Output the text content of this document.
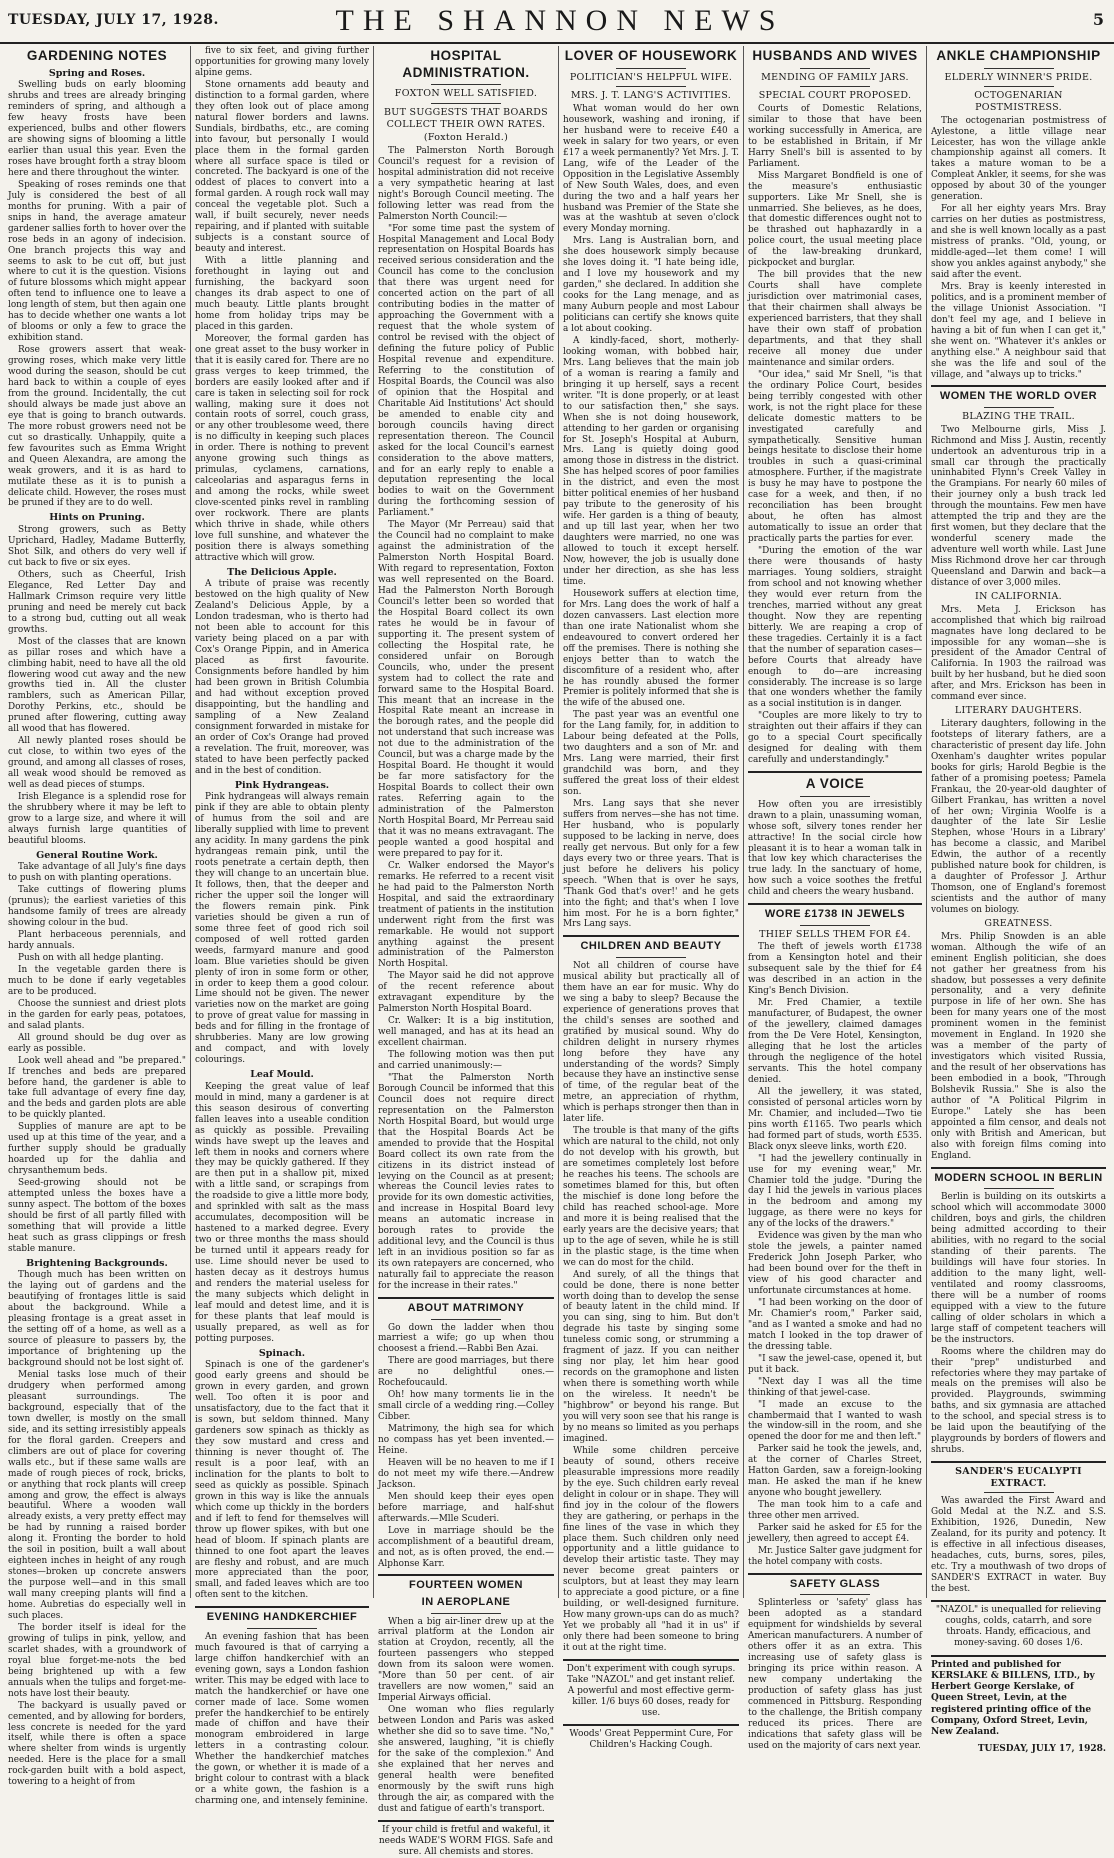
TUESDAY, JULY 17, 1928.	THE SHANNON NEWS	5
GARDENING NOTES
Spring and Roses.

Swelling buds on early blooming shrubs and trees are already bringing reminders of spring, and although a few heavy frosts have been experienced, bulbs and other flowers are showing signs of blooming a little earlier than usual this year. Even the roses have brought forth a stray bloom here and there throughout the winter.

Speaking of roses reminds one that July is considered the best of all months for pruning. With a pair of snips in hand, the average amateur gardener sallies forth to hover over the rose beds in an agony of indecision. One branch projects this way and seems to ask to be cut off, but just where to cut it is the question. Visions of future blossoms which might appear often tend to influence one to leave a long length of stem, but then again one has to decide whether one wants a lot of blooms or only a few to grace the exhibition stand.

Rose growers assert that weak-growing roses, which make very little wood during the season, should be cut hard back to within a couple of eyes from the ground. Incidentally, the cut should always be made just above an eye that is going to branch outwards. The more robust growers need not be cut so drastically. Unhappily, quite a few favourites such as Emma Wright and Queen Alexandra, are among the weak growers, and it is as hard to mutilate these as it is to punish a delicate child. However, the roses must be pruned if they are to do well.

Hints on Pruning.

Strong growers, such as Betty Uprichard, Hadley, Madame Butterfly, Shot Silk, and others do very well if cut back to five or six eyes.

Others, such as Cheerful, Irish Elegance, Red Letter Day and Hallmark Crimson require very little pruning and need be merely cut back to a strong bud, cutting out all weak growths.

Most of the classes that are known as pillar roses and which have a climbing habit, need to have all the old flowering wood cut away and the new growths tied in. All the cluster ramblers, such as American Pillar, Dorothy Perkins, etc., should be pruned after flowering, cutting away all wood that has flowered.

All newly planted roses should be cut close, to within two eyes of the ground, and among all classes of roses, all weak wood should be removed as well as dead pieces of stumps.

Irish Elegance is a splendid rose for the shrubbery where it may be left to grow to a large size, and where it will always furnish large quantities of beautiful blooms.

General Routine Work.

Take advantage of all July's fine days to push on with planting operations.

Take cuttings of flowering plums (prunus); the earliest varieties of this handsome family of trees are already showing colour in the bud.

Plant herbaceous perennials, and hardy annuals.

Push on with all hedge planting.

In the vegetable garden there is much to be done if early vegetables are to be produced.

Choose the sunniest and driest plots in the garden for early peas, potatoes, and salad plants.

All ground should be dug over as early as possible.

Look well ahead and "be prepared." If trenches and beds are prepared before hand, the gardener is able to take full advantage of every fine day, and the beds and garden plots are able to be quickly planted.

Supplies of manure are apt to be used up at this time of the year, and a further supply should be gradually hoarded up for the dahlia and chrysanthemum beds.

Seed-growing should not be attempted unless the boxes have a sunny aspect. The bottom of the boxes should be first of all partly filled with something that will provide a little heat such as grass clippings or fresh stable manure.

Brightening Backgrounds.

Though much has been written on the laying out of gardens and the beautifying of frontages little is said about the background. While a pleasing frontage is a great asset in the setting off of a home, as well as a source of pleasure to passers by, the importance of brightening up the background should not be lost sight of.

Menial tasks lose much of their drudgery when performed among pleasant surroundings. The background, especially that of the town dweller, is mostly on the small side, and its setting irresistibly appeals for the floral garden. Creepers and climbers are out of place for covering walls etc., but if these same walls are made of rough pieces of rock, bricks, or anything that rock plants will creep among and grow, the effect is always beautiful. Where a wooden wall already exists, a very pretty effect may be had by running a raised border along it. Fronting the border to hold the soil in position, built a wall about eighteen inches in height of any rough stones—broken up concrete answers the purpose well—and in this small wall many creeping plants will find a home. Aubretias do especially well in such places.

The border itself is ideal for the growing of tulips in pink, yellow, and scarlet shades, with a groundwork of royal blue forget-me-nots the bed being brightened up with a few annuals when the tulips and forget-me-nots have lost their beauty.

The backyard is usually paved or cemented, and by allowing for borders, less concrete is needed for the yard itself, while there is often a space where shelter from winds is urgently needed. Here is the place for a small rock-garden built with a bold aspect, towering to a height of from

five to six feet, and giving further opportunities for growing many lovely alpine gems.

Stone ornaments add beauty and distinction to a formal garden, where they often look out of place among natural flower borders and lawns. Sundials, birdbaths, etc., are coming into favour, but personally I would place them in the formal garden where all surface space is tiled or concreted. The backyard is one of the oddest of places to convert into a formal garden. A rough rock wall may conceal the vegetable plot. Such a wall, if built securely, never needs repairing, and if planted with suitable subjects is a constant source of beauty and interest.

With a little planning and forethought in laying out and furnishing, the backyard soon changes its drab aspect to one of much beauty. Little plants brought home from holiday trips may be placed in this garden.

Moreover, the formal garden has one great asset to the busy worker in that it is easily cared for. There are no grass verges to keep trimmed, the borders are easily looked after and if care is taken in selecting soil for rock walling, making sure it does not contain roots of sorrel, couch grass, or any other troublesome weed, there is no difficulty in keeping such places in order. There is nothing to prevent anyone growing such things as primulas, cyclamens, carnations, calceolarias and asparagus ferns in and among the rocks, while sweet clove-scented pinks revel in rambling over rockwork. There are plants which thrive in shade, while others love full sunshine, and whatever the position there is always something attractive which will grow.

The Delicious Apple.

A tribute of praise was recently bestowed on the high quality of New Zealand's Delicious Apple, by a London tradesman, who is therto had not been able to account for this variety being placed on a par with Cox's Orange Pippin, and in America placed as first favourite. Consignments before handled by him had been grown in British Columbia and had without exception proved disappointing, but the handling and sampling of a New Zealand consignment forwarded in mistake for an order of Cox's Orange had proved a revelation. The fruit, moreover, was stated to have been perfectly packed and in the best of condition.

Pink Hydrangeas.

Pink hydrangeas will always remain pink if they are able to obtain plenty of humus from the soil and are liberally supplied with lime to prevent any acidity. In many gardens the pink hydrangeas remain pink, until the roots penetrate a certain depth, then they will change to an uncertain blue. It follows, then, that the deeper and richer the upper soil the longer will the flowers remain pink. Pink varieties should be given a run of some three feet of good rich soil composed of well rotted garden weeds, farmyard manure and good loam. Blue varieties should be given plenty of iron in some form or other, in order to keep them a good colour. Lime should not be given. The newer varieties now on the market are going to prove of great value for massing in beds and for filling in the frontage of shrubberies. Many are low growing and compact, and with lovely colourings.

Leaf Mould.

Keeping the great value of leaf mould in mind, many a gardener is at this season desirous of converting fallen leaves into a useable condition as quickly as possible. Prevailing winds have swept up the leaves and left them in nooks and corners where they may be quickly gathered. If they are then put in a shallow pit, mixed with a little sand, or scrapings from the roadside to give a little more body, and sprinkled with salt as the mass accumulates, decomposition will be hastened to a marked degree. Every two or three months the mass should be turned until it appears ready for use. Lime should never be used to hasten decay as it destroys humus and renders the material useless for the many subjects which delight in leaf mould and detest lime, and it is for these plants that leaf mould is usually prepared, as well as for potting purposes.

Spinach.

Spinach is one of the gardener's good early greens and should be grown in every garden, and grown well. Too often it is poor and unsatisfactory, due to the fact that it is sown, but seldom thinned. Many gardeners sow spinach as thickly as they sow mustard and cress and thinning is never thought of. The result is a poor leaf, with an inclination for the plants to bolt to seed as quickly as possible. Spinach grown in this way is like the annuals which come up thickly in the borders and if left to fend for themselves will throw up flower spikes, with but one head of bloom. If spinach plants are thinned to one foot apart the leaves are fleshy and robust, and are much more appreciated than the poor, small, and faded leaves which are too often sent to the kitchen.

EVENING HANDKERCHIEF

An evening fashion that has been much favoured is that of carrying a large chiffon handkerchief with an evening gown, says a London fashion writer. This may be edged with lace to match the handkerchief or have one corner made of lace. Some women prefer the handkerchief to be entirely made of chiffon and have their monogram embroidered in large letters in a contrasting colour. Whether the handkerchief matches the gown, or whether it is made of a bright colour to contrast with a black or a white gown, the fashion is a charming one, and intensely feminine.

HOSPITAL ADMINISTRATION.
FOXTON WELL SATISFIED.
BUT SUGGESTS THAT BOARDS COLLECT THEIR OWN RATES.
(Foxton Herald.)

The Palmerston North Borough Council's request for a revision of hospital administration did not receive a very sympathetic hearing at last night's Borough Council meeting. The following letter was read from the Palmerston North Council:—

"For some time past the system of Hospital Management and Local Body representation on Hospital Boards has received serious consideration and the Council has come to the conclusion that there was urgent need for concerted action on the part of all contributing bodies in the matter of approaching the Government with a request that the whole system of control be revised with the object of defining the future policy of Public Hospital revenue and expenditure. Referring to the constitution of Hospital Boards, the Council was also of opinion that the Hospital and Charitable Aid Institutions' Act should be amended to enable city and borough councils having direct representation thereon. The Council asked for the local Council's earnest consideration to the above matters, and for an early reply to enable a deputation representing the local bodies to wait on the Government during the forthcoming session of Parliament."

The Mayor (Mr Perreau) said that the Council had no complaint to make against the administration of the Palmerston North Hospital Board. With regard to representation, Foxton was well represented on the Board. Had the Palmerston North Borough Council's letter been so worded that the Hospital Board collect its own rates he would be in favour of supporting it. The present system of collecting the Hospital rate, he considered unfair on Borough Councils, who, under the present system had to collect the rate and forward same to the Hospital Board. This meant that an increase in the Hospital Rate meant an increase in the borough rates, and the people did not understand that such increase was not due to the administration of the Council, but was a charge made by the Hospital Board. He thought it would be far more satisfactory for the Hospital Boards to collect their own rates. Referring again to the administration of the Palmerston North Hospital Board, Mr Perreau said that it was no means extravagant. The people wanted a good hospital and were prepared to pay for it.

Cr. Walker endorsed the Mayor's remarks. He referred to a recent visit he had paid to the Palmerston North Hospital, and said the extraordinary treatment of patients in the institution underwent right from the first was remarkable. He would not support anything against the present administration of the Palmerston North Hospital.

The Mayor said he did not approve of the recent reference about extravagant expenditure by the Palmerston North Hospital Board.

Cr. Walker: It is a big institution, well managed, and has at its head an excellent chairman.

The following motion was then put and carried unanimously:—

"That the Palmerston North Borough Council be informed that this Council does not require direct representation on the Palmerston North Hospital Board, but would urge that the Hospital Boards Act be amended to provide that the Hospital Board collect its own rate from the citizens in its district instead of levying on the Council as at present; whereas the Council levies rates to provide for its own domestic activities, and increase in Hospital Board levy means an automatic increase in borough rates to provide the additional levy, and the Council is thus left in an invidious position so far as its own ratepayers are concerned, who naturally fail to appreciate the reason for the increase in their rates."

ABOUT MATRIMONY

Go down the ladder when thou marriest a wife; go up when thou choosest a friend.—Rabbi Ben Azai.

There are good marriages, but there are no delightful ones.—Rochefoucauld.

Oh! how many torments lie in the small circle of a wedding ring.—Colley Cibber.

Matrimony, the high sea for which no compass has yet been invented.—Heine.

Heaven will be no heaven to me if I do not meet my wife there.—Andrew Jackson.

Men should keep their eyes open before marriage, and half-shut afterwards.—Mlle Scuderi.

Love in marriage should be the accomplishment of a beautiful dream, and not, as is often proved, the end.—Alphonse Karr.

FOURTEEN WOMEN
IN AEROPLANE

When a big air-liner drew up at the arrival platform at the London air station at Croydon, recently, all the fourteen passengers who stepped down from its saloon were women. "More than 50 per cent. of air travellers are now women," said an Imperial Airways official.

One woman who flies regularly between London and Paris was asked whether she did so to save time. "No," she answered, laughing, "it is chiefly for the sake of the complexion." And she explained that her nerves and general health were benefited enormously by the swift runs high through the air, as compared with the dust and fatigue of earth's transport.

If your child is fretful and wakeful, it needs WADE'S WORM FIGS. Safe and sure. All chemists and stores.

LOVER OF HOUSEWORK
POLITICIAN'S HELPFUL WIFE.
MRS. J. T. LANG'S ACTIVITIES.

What woman would do her own housework, washing and ironing, if her husband were to receive £40 a week in salary for two years, or even £17 a week permanently? Yet Mrs. J. T. Lang, wife of the Leader of the Opposition in the Legislative Assembly of New South Wales, does, and even during the two and a half years her husband was Premier of the State she was at the washtub at seven o'clock every Monday morning.

Mrs. Lang is Australian born, and she does housework simply because she loves doing it. "I hate being idle, and I love my housework and my garden," she declared. In addition she cooks for the Lang menage, and as many Auburn people and most Labour politicians can certify she knows quite a lot about cooking.

A kindly-faced, short, motherly-looking woman, with bobbed hair, Mrs. Lang believes that the main job of a woman is rearing a family and bringing it up herself, says a recent writer. "It is done properly, or at least to our satisfaction then," she says. When she is not doing housework, attending to her garden or organising for St. Joseph's Hospital at Auburn, Mrs. Lang is quietly doing good among those in distress in the district. She has helped scores of poor families in the district, and even the most bitter political enemies of her husband pay tribute to the generosity of his wife. Her garden is a thing of beauty, and up till last year, when her two daughters were married, no one was allowed to touch it except herself. Now, however, the job is usually done under her direction, as she has less time.

Housework suffers at election time, for Mrs. Lang does the work of half a dozen canvassers. Last election more than one irate Nationalist whom she endeavoured to convert ordered her off the premises. There is nothing she enjoys better than to watch the discomfiture of a resident who, after he has roundly abused the former Premier is politely informed that she is the wife of the abused one.

The past year was an eventful one for the Lang family, for, in addition to Labour being defeated at the Polls, two daughters and a son of Mr. and Mrs. Lang were married, their first grandchild was born, and they suffered the great loss of their eldest son.

Mrs. Lang says that she never suffers from nerves—she has not time. Her husband, who is popularly supposed to be lacking in nerve, does really get nervous. But only for a few days every two or three years. That is just before he delivers his policy speech. "When that is over he says, 'Thank God that's over!' and he gets into the fight; and that's when I love him most. For he is a born fighter," Mrs Lang says.

CHILDREN AND BEAUTY

Not all children of course have musical ability but practically all of them have an ear for music. Why do we sing a baby to sleep? Because the experience of generations proves that the child's senses are soothed and gratified by musical sound. Why do children delight in nursery rhymes long before they have any understanding of the words? Simply because they have an instinctive sense of time, of the regular beat of the metre, an appreciation of rhythm, which is perhaps stronger then than in later life.

The trouble is that many of the gifts which are natural to the child, not only do not develop with his growth, but are sometimes completely lost before he reaches his teens. The schools are sometimes blamed for this, but often the mischief is done long before the child has reached school-age. More and more it is being realised that the early years are the decisive years; that up to the age of seven, while he is still in the plastic stage, is the time when we can do most for the child.

And surely, of all the things that could be done, there is none better worth doing than to develop the sense of beauty latent in the child mind. If you can sing, sing to him. But don't degrade his taste by singing some tuneless comic song, or strumming a fragment of jazz. If you can neither sing nor play, let him hear good records on the gramophone and listen when there is something worth while on the wireless. It needn't be "highbrow" or beyond his range. But you will very soon see that his range is by no means so limited as you perhaps imagined.

While some children perceive beauty of sound, others receive pleasurable impressions more readily by the eye. Such children early reveal delight in colour or in shape. They will find joy in the colour of the flowers they are gathering, or perhaps in the fine lines of the vase in which they place them. Such children only need opportunity and a little guidance to develop their artistic taste. They may never become great painters or sculptors, but at least they may learn to appreciate a good picture, or a fine building, or well-designed furniture. How many grown-ups can do as much? Yet we probably all "had it in us" if only there had been someone to bring it out at the right time.

Don't experiment with cough syrups. Take "NAZOL" and get instant relief. A powerful and most effective germ-killer. 1/6 buys 60 doses, ready for use.

Woods' Great Peppermint Cure, For Children's Hacking Cough.

HUSBANDS AND WIVES
MENDING OF FAMILY JARS.
SPECIAL COURT PROPOSED.

Courts of Domestic Relations, similar to those that have been working successfully in America, are to be established in Britain, if Mr Harry Snell's bill is assented to by Parliament.

Miss Margaret Bondfield is one of the measure's enthusiastic supporters. Like Mr Snell, she is unmarried. She believes, as he does, that domestic differences ought not to be thrashed out haphazardly in a police court, the usual meeting place of the law-breaking drunkard, pickpocket and burglar.

The bill provides that the new Courts shall have complete jurisdiction over matrimonial cases, that their chairmen shall always be experienced barristers, that they shall have their own staff of probation departments, and that they shall receive all money due under maintenance and similar orders.

"Our idea," said Mr Snell, "is that the ordinary Police Court, besides being terribly congested with other work, is not the right place for these delicate domestic matters to be investigated carefully and sympathetically. Sensitive human beings hesitate to disclose their home troubles in such a quasi-criminal atmosphere. Further, if the magistrate is busy he may have to postpone the case for a week, and then, if no reconciliation has been brought about, he often has almost automatically to issue an order that practically parts the parties for ever.

"During the emotion of the war there were thousands of hasty marriages. Young soldiers, straight from school and not knowing whether they would ever return from the trenches, married without any great thought. Now they are repenting bitterly. We are reaping a crop of these tragedies. Certainly it is a fact that the number of separation cases—before Courts that already have enough to do—are increasing considerably. The increase is so large that one wonders whether the family as a social institution is in danger.

"Couples are more likely to try to straighten out their affairs if they can go to a special Court specifically designed for dealing with them carefully and understandingly."

A VOICE

How often you are irresistibly drawn to a plain, unassuming woman, whose soft, silvery tones render her attractive! In the social circle how pleasant it is to hear a woman talk in that low key which characterises the true lady. In the sanctuary of home, how such a voice soothes the fretful child and cheers the weary husband.

WORE £1738 IN JEWELS
THIEF SELLS THEM FOR £4.

The theft of jewels worth £1738 from a Kensington hotel and their subsequent sale by the thief for £4 was described in an action in the King's Bench Division.

Mr. Fred Chamier, a textile manufacturer, of Budapest, the owner of the jewellery, claimed damages from the De Vere Hotel, Kensington, alleging that he lost the articles through the negligence of the hotel servants. This the hotel company denied.

All the jewellery, it was stated, consisted of personal articles worn by Mr. Chamier, and included—Two tie pins worth £1165. Two pearls which had formed part of studs, worth £535. Black onyx sleeve links, worth £20.

"I had the jewellery continually in use for my evening wear," Mr. Chamier told the judge. "During the day I hid the jewels in various places in the bedroom and among my luggage, as there were no keys for any of the locks of the drawers."

Evidence was given by the man who stole the jewels, a painter named Frederick John Joseph Parker, who had been bound over for the theft in view of his good character and unfortunate circumstances at home.

"I had been working on the door of Mr. Chamier's room," Parker said, "and as I wanted a smoke and had no match I looked in the top drawer of the dressing table.

"I saw the jewel-case, opened it, but put it back.

"Next day I was all the time thinking of that jewel-case.

"I made an excuse to the chambermaid that I wanted to wash the window-sill in the room, and she opened the door for me and then left."

Parker said he took the jewels, and, at the corner of Charles Street, Hatton Garden, saw a foreign-looking man. He asked the man if he knew anyone who bought jewellery.

The man took him to a cafe and three other men arrived.

Parker said he asked for £5 for the jewellery, then agreed to accept £4.

Mr. Justice Salter gave judgment for the hotel company with costs.

SAFETY GLASS

Splinterless or 'safety' glass has been adopted as a standard equipment for windshields by several American manufacturers. A number of others offer it as an extra. This increasing use of safety glass is bringing its price within reason. A new company undertaking the production of safety glass has just commenced in Pittsburg. Responding to the challenge, the British company reduced its prices. There are indications that safety glass will be used on the majority of cars next year.

ANKLE CHAMPIONSHIP
ELDERLY WINNER'S PRIDE.
OCTOGENARIAN POSTMISTRESS.

The octogenarian postmistress of Aylestone, a little village near Leicester, has won the village ankle championship against all comers. It takes a mature woman to be a Compleat Ankler, it seems, for she was opposed by about 30 of the younger generation.

For all her eighty years Mrs. Bray carries on her duties as postmistress, and she is well known locally as a past mistress of pranks. "Old, young, or middle-aged—let them come! I will show you ankles against anybody," she said after the event.

Mrs. Bray is keenly interested in politics, and is a prominent member of the village Unionist Association. "I don't feel my age, and I believe in having a bit of fun when I can get it," she went on. "Whatever it's ankles or anything else." A neighbour said that she was the life and soul of the village, and "always up to tricks."

WOMEN THE WORLD OVER
BLAZING THE TRAIL.

Two Melbourne girls, Miss J. Richmond and Miss J. Austin, recently undertook an adventurous trip in a small car through the practically uninhabited Flynn's Creek Valley in the Grampians. For nearly 60 miles of their journey only a bush track led through the mountains. Few men have attempted the trip and they are the first women, but they declare that the wonderful scenery made the adventure well worth while. Last June Miss Richmond drove her car through Queensland and Darwin and back—a distance of over 3,000 miles.

IN CALIFORNIA.

Mrs. Meta J. Erickson has accomplished that which big railroad magnates have long declared to be impossible for any woman—she is president of the Amador Central of California. In 1903 the railroad was built by her husband, but he died soon after, and Mrs. Erickson has been in command ever since.

LITERARY DAUGHTERS.

Literary daughters, following in the footsteps of literary fathers, are a characteristic of present day life. John Oxenham's daughter writes popular books for girls; Harold Begbie is the father of a promising poetess; Pamela Frankau, the 20-year-old daughter of Gilbert Frankau, has written a novel of her own; Virginia Woolfe is a daughter of the late Sir Leslie Stephen, whose 'Hours in a Library' has become a classic, and Maribel Edwin, the author of a recently published nature book for children, is a daughter of Professor J. Arthur Thomson, one of England's foremost scientists and the author of many volumes on biology.

GREATNESS.

Mrs. Philip Snowden is an able woman. Although the wife of an eminent English politician, she does not gather her greatness from his shadow, but possesses a very definite personality, and a very definite purpose in life of her own. She has been for many years one of the most prominent women in the feminist movement in England. In 1920 she was a member of the party of investigators which visited Russia, and the result of her observations has been embodied in a book, "Through Bolshevik Russia." She is also the author of "A Political Pilgrim in Europe." Lately she has been appointed a film censor, and deals not only with British and American, but also with foreign films coming into England.

MODERN SCHOOL IN BERLIN

Berlin is building on its outskirts a school which will accommodate 3000 children, boys and girls, the children being admitted according to their abilities, with no regard to the social standing of their parents. The buildings will have four stories. In addition to the many light, well-ventilated and roomy classrooms, there will be a number of rooms equipped with a view to the future calling of older scholars in which a large staff of competent teachers will be the instructors.

Rooms where the children may do their "prep" undisturbed and refectories where they may partake of meals on the premises will also be provided. Playgrounds, swimming baths, and six gymnasia are attached to the school, and special stress is to be laid upon the beautifying of the playgrounds by borders of flowers and shrubs.

SANDER'S EUCALYPTI EXTRACT.

Was awarded the First Award and Gold Medal at the N.Z. and S.S. Exhibition, 1926, Dunedin, New Zealand, for its purity and potency. It is effective in all infectious diseases, headaches, cuts, burns, sores, piles, etc. Try a mouthwash of two drops of SANDER'S EXTRACT in water. Buy the best.

"NAZOL" is unequalled for relieving coughs, colds, catarrh, and sore throats. Handy, efficacious, and money-saving. 60 doses 1/6.

Printed and published for KERSLAKE & BILLENS, LTD., by Herbert George Kerslake, of Queen Street, Levin, at the registered printing office of the Company, Oxford Street, Levin, New Zealand.
TUESDAY, JULY 17, 1928.
